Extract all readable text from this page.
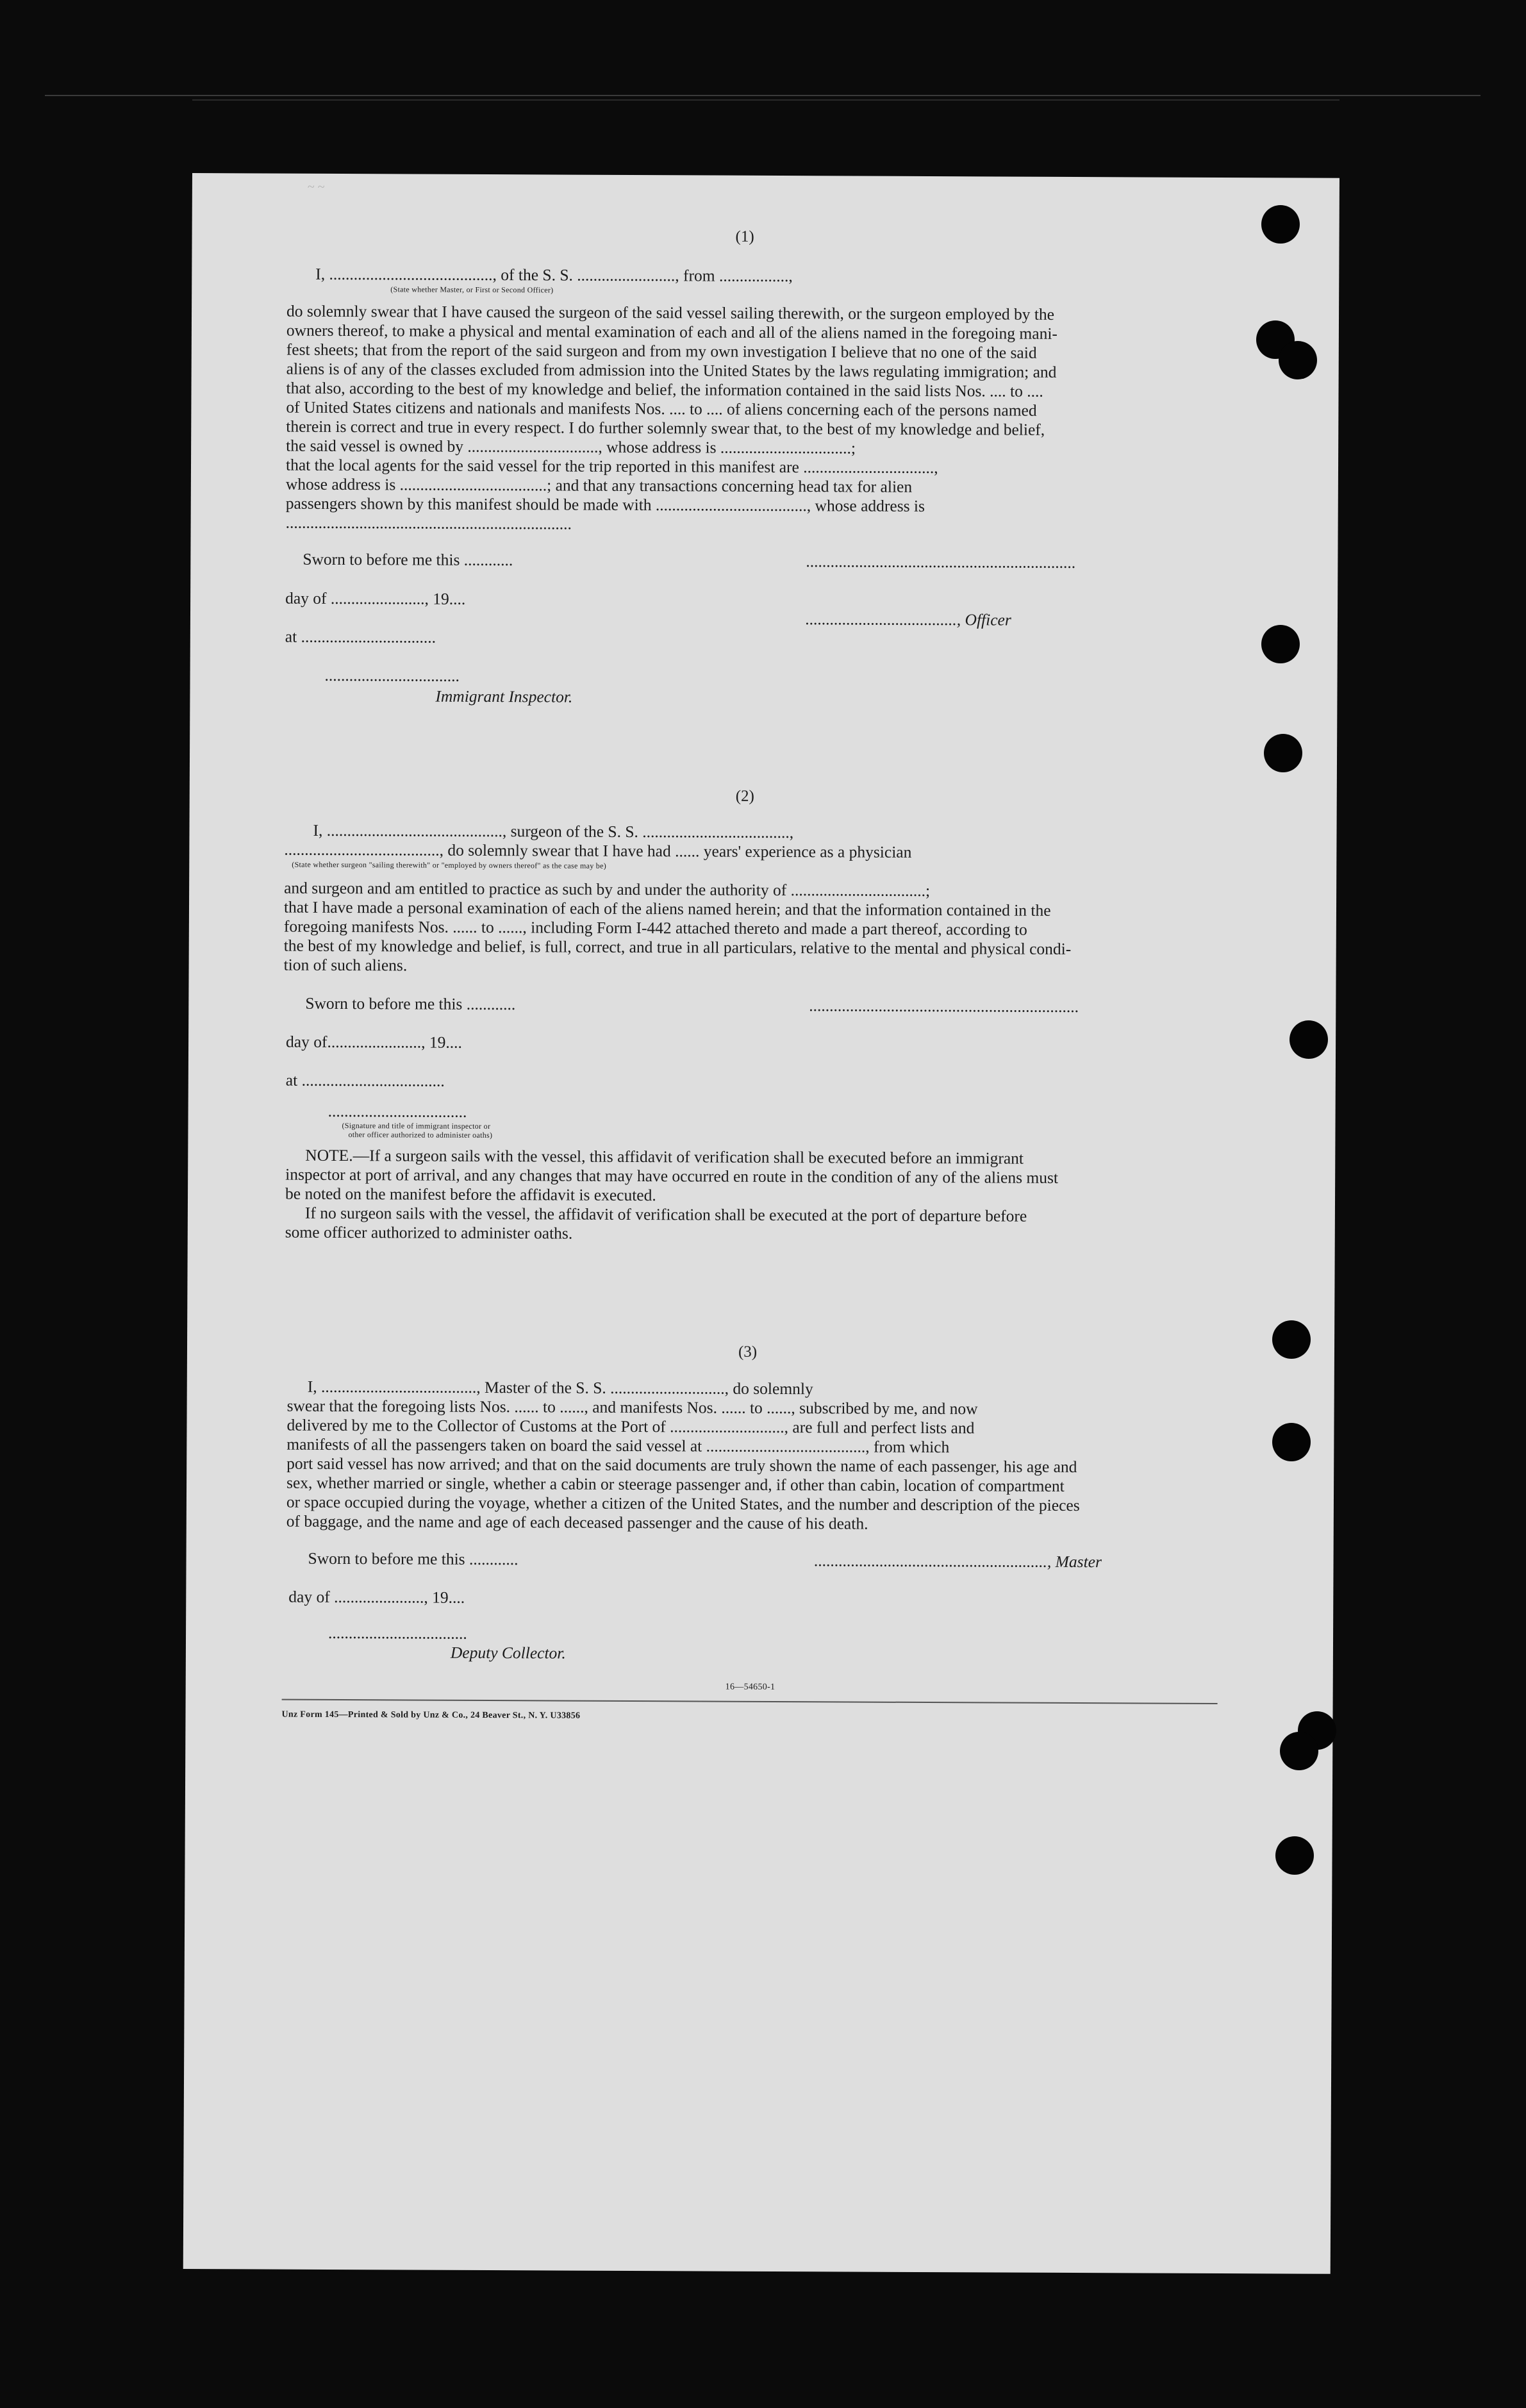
~ ~
(1)
I, ........................................, of the S. S. ........................, from .................,
(State whether Master, or First or Second Officer)
do solemnly swear that I have caused the surgeon of the said vessel sailing therewith, or the surgeon employed by the
owners thereof, to make a physical and mental examination of each and all of the aliens named in the foregoing mani-
fest sheets; that from the report of the said surgeon and from my own investigation I believe that no one of the said
aliens is of any of the classes excluded from admission into the United States by the laws regulating immigration; and
that also, according to the best of my knowledge and belief, the information contained in the said lists Nos. .... to ....
of United States citizens and nationals and manifests Nos. .... to .... of aliens concerning each of the persons named
therein is correct and true in every respect. I do further solemnly swear that, to the best of my knowledge and belief,
the said vessel is owned by ................................, whose address is ................................;
that the local agents for the said vessel for the trip reported in this manifest are ................................,
whose address is ....................................; and that any transactions concerning head tax for alien
passengers shown by this manifest should be made with ....................................., whose address is
......................................................................
Sworn to before me this ............	..................................................................
day of ......................., 19....
....................................., Officer
at .................................
.................................
Immigrant Inspector.
(2)
I, ..........................................., surgeon of the S. S. ....................................,
......................................, do solemnly swear that I have had ...... years' experience as a physician
(State whether surgeon "sailing therewith" or "employed by owners thereof" as the case may be)
and surgeon and am entitled to practice as such by and under the authority of .................................;
that I have made a personal examination of each of the aliens named herein; and that the information contained in the
foregoing manifests Nos. ...... to ......, including Form I-442 attached thereto and made a part thereof, according to
the best of my knowledge and belief, is full, correct, and true in all particulars, relative to the mental and physical condi-
tion of such aliens.
Sworn to before me this ............	..................................................................
day of......................., 19....
at ...................................
..................................
(Signature and title of immigrant inspector or
other officer authorized to administer oaths)
NOTE.—If a surgeon sails with the vessel, this affidavit of verification shall be executed before an immigrant
inspector at port of arrival, and any changes that may have occurred en route in the condition of any of the aliens must
be noted on the manifest before the affidavit is executed.
If no surgeon sails with the vessel, the affidavit of verification shall be executed at the port of departure before
some officer authorized to administer oaths.
(3)
I, ......................................, Master of the S. S. ............................, do solemnly
swear that the foregoing lists Nos. ...... to ......, and manifests Nos. ...... to ......, subscribed by me, and now
delivered by me to the Collector of Customs at the Port of ............................, are full and perfect lists and
manifests of all the passengers taken on board the said vessel at ......................................., from which
port said vessel has now arrived; and that on the said documents are truly shown the name of each passenger, his age and
sex, whether married or single, whether a cabin or steerage passenger and, if other than cabin, location of compartment
or space occupied during the voyage, whether a citizen of the United States, and the number and description of the pieces
of baggage, and the name and age of each deceased passenger and the cause of his death.
Sworn to before me this ............	........................................................., Master
day of ......................, 19....
..................................
Deputy Collector.
16—54650-1
Unz Form 145—Printed & Sold by Unz & Co., 24 Beaver St., N. Y. U33856
